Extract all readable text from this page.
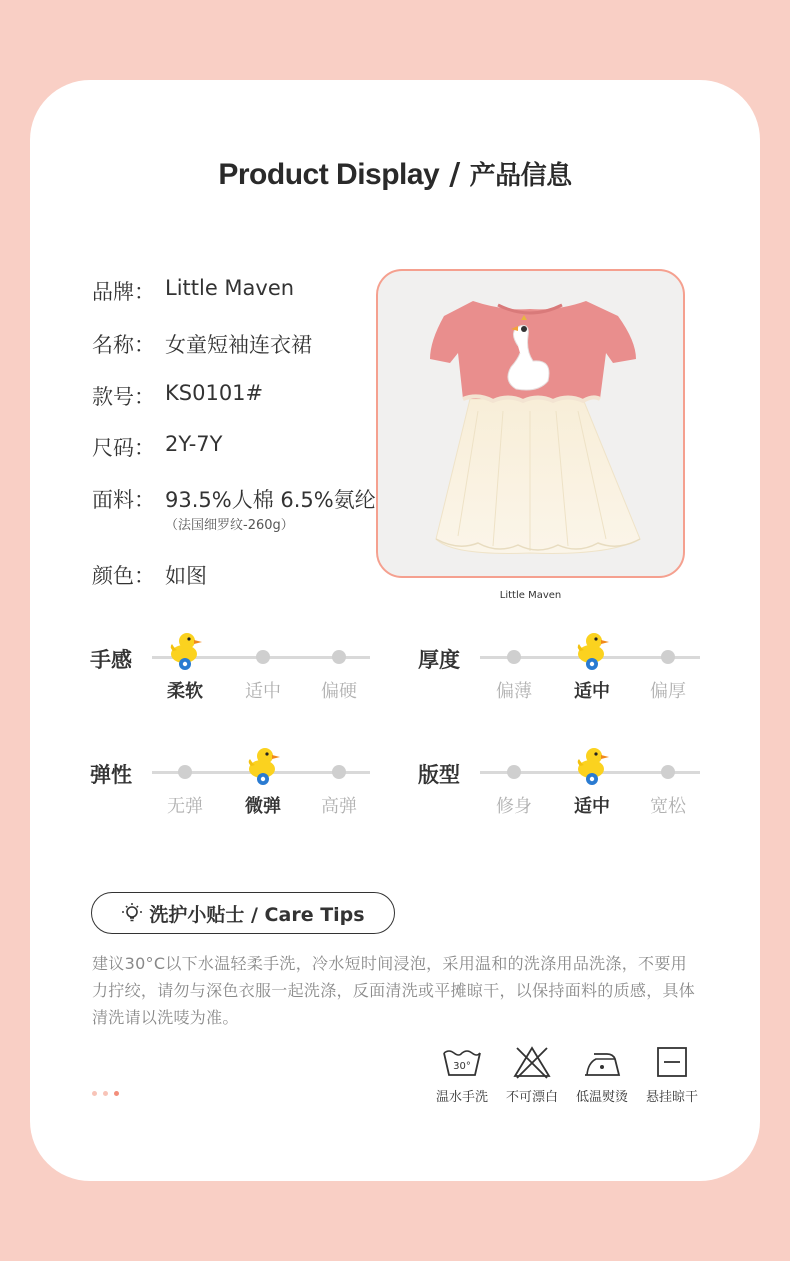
Product Display / 产品信息
品牌： Little Maven
名称： 女童短袖连衣裙
款号： KS0101#
尺码： 2Y-7Y
面料： 93.5%人棉 6.5%氨纶
（法国细罗纹-260g）
颜色： 如图
Little Maven
手感
柔软	适中	偏硬
厚度
偏薄	适中	偏厚
弹性
无弹	微弹	高弹
版型
修身	适中	宽松
洗护小贴士 / Care Tips
建议30°C以下水温轻柔手洗，冷水短时间浸泡，采用温和的洗涤用品洗涤，不要用力拧绞，请勿与深色衣服一起洗涤，反面清洗或平摊晾干，以保持面料的质感，具体清洗请以洗唛为准。
30°
温水手洗	不可漂白	低温熨烫	悬挂晾干
